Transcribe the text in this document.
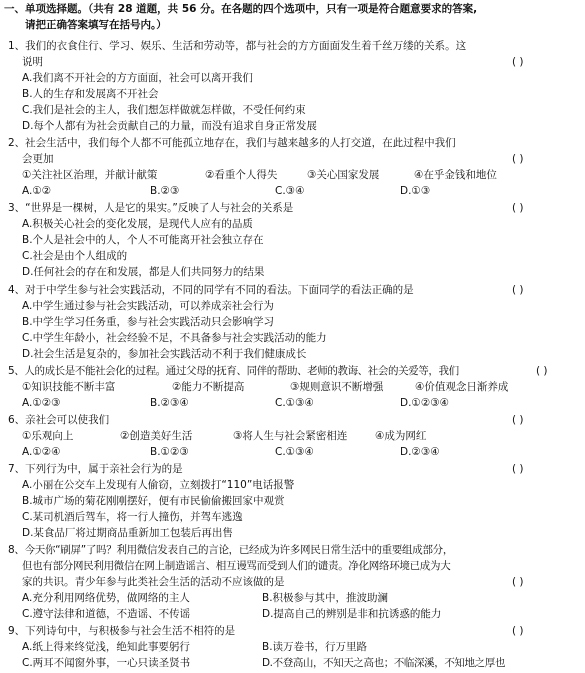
一、单项选择题。（共有 28 道题，共 56 分。在各题的四个选项中，只有一项是符合题意要求的答案,
请把正确答案填写在括号内。）
1、我们的衣食住行、学习、娱乐、生活和劳动等，都与社会的方方面面发生着千丝万缕的关系。这
说明	( )
A.我们离不开社会的方方面面，社会可以离开我们
B.人的生存和发展离不开社会
C.我们是社会的主人，我们想怎样做就怎样做，不受任何约束
D.每个人都有为社会贡献自己的力量，而没有追求自身正常发展
2、社会生活中，我们每个人都不可能孤立地存在，我们与越来越多的人打交道，在此过程中我们
会更加	( )
①关注社区治理，并献计献策	②看重个人得失	③关心国家发展	④在乎金钱和地位
A.①②	B.②③	C.③④	D.①③
3、“世界是一棵树，人是它的果实。”反映了人与社会的关系是	( )
A.积极关心社会的变化发展，是现代人应有的品质
B.个人是社会中的人，个人不可能离开社会独立存在
C.社会是由个人组成的
D.任何社会的存在和发展，都是人们共同努力的结果
4、对于中学生参与社会实践活动，不同的同学有不同的看法。下面同学的看法正确的是	( )
A.中学生通过参与社会实践活动，可以养成亲社会行为
B.中学生学习任务重，参与社会实践活动只会影响学习
C.中学生年龄小，社会经验不足，不具备参与社会实践活动的能力
D.社会生活是复杂的，参加社会实践活动不利于我们健康成长
5、人的成长是不能社会化的过程。通过父母的抚育、同伴的帮助、老师的教诲、社会的关爱等，我们	( )
①知识技能不断丰富	②能力不断提高	③规则意识不断增强	④价值观念日渐养成
A.①②③	B.②③④	C.①③④	D.①②③④
6、亲社会可以使我们	( )
①乐观向上	②创造美好生活	③将人生与社会紧密相连	④成为网红
A.①②④	B.①②③	C.①③④	D.②③④
7、下列行为中，属于亲社会行为的是	( )
A.小丽在公交车上发现有人偷窃，立刻拨打“110”电话报警
B.城市广场的菊花刚刚摆好，便有市民偷偷搬回家中观赏
C.某司机酒后驾车，将一行人撞伤，并驾车逃逸
D.某食品厂将过期商品重新加工包装后再出售
8、今天你“刷屏”了吗？利用微信发表自己的言论，已经成为许多网民日常生活中的重要组成部分，
但也有部分网民利用微信在网上制造谣言、相互谩骂而受到人们的谴责。净化网络环境已成为大
家的共识。青少年参与此类社会生活的活动不应该做的是	( )
A.充分利用网络优势，做网络的主人	B.积极参与其中，推波助澜
C.遵守法律和道德，不造谣、不传谣	D.提高自己的辨别是非和抗诱惑的能力
9、下列诗句中，与积极参与社会生活不相符的是	( )
A.纸上得来终觉浅，绝知此事要躬行	B.读万卷书，行万里路
C.两耳不闻窗外事，一心只读圣贤书	D.不登高山，不知天之高也；不临深溪，不知地之厚也
